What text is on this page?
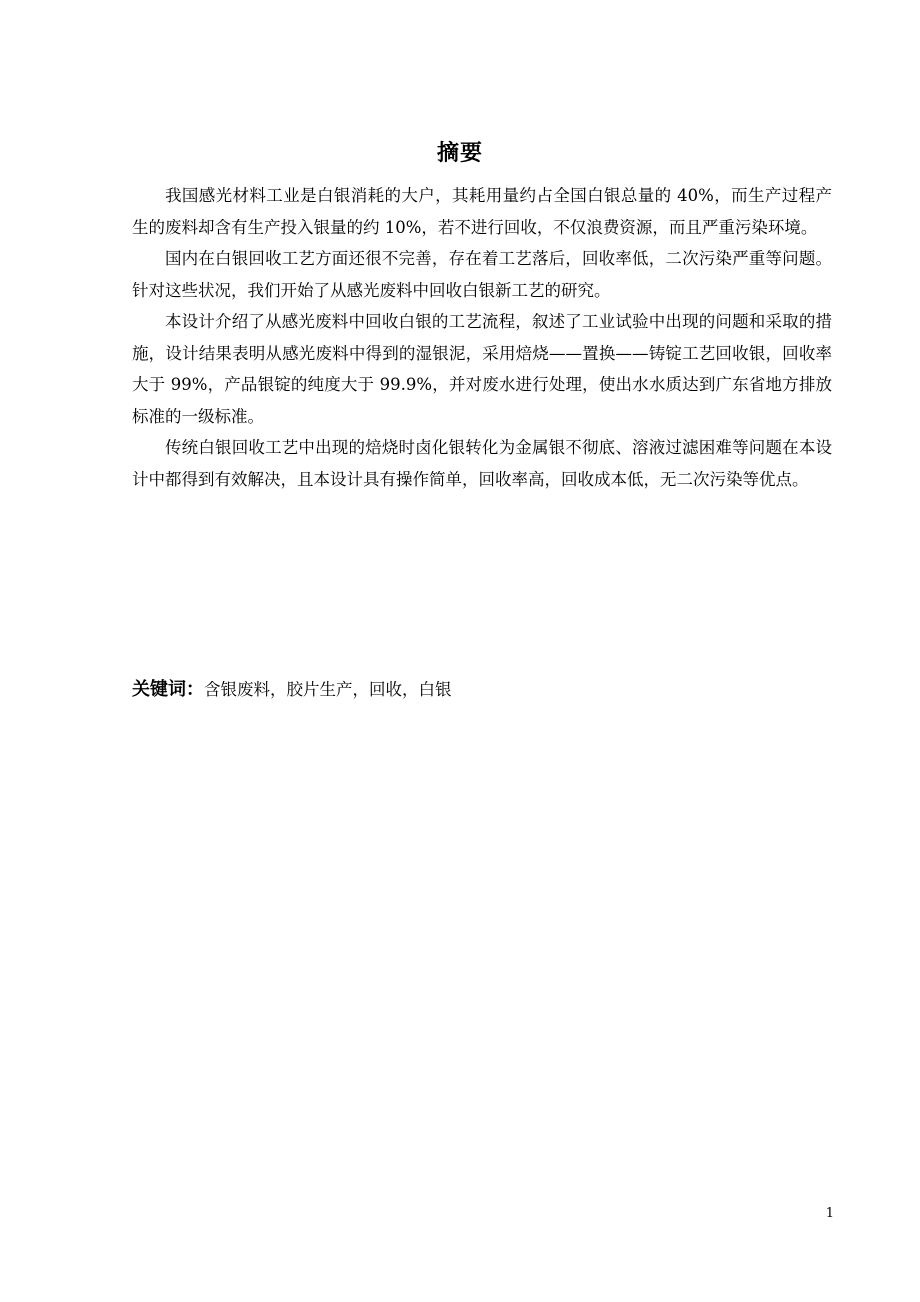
摘要

我国感光材料工业是白银消耗的大户，其耗用量约占全国白银总量的 40%，而生产过程产生的废料却含有生产投入银量的约 10%，若不进行回收，不仅浪费资源，而且严重污染环境。

国内在白银回收工艺方面还很不完善，存在着工艺落后，回收率低，二次污染严重等问题。针对这些状况，我们开始了从感光废料中回收白银新工艺的研究。

本设计介绍了从感光废料中回收白银的工艺流程，叙述了工业试验中出现的问题和采取的措施，设计结果表明从感光废料中得到的湿银泥，采用焙烧——置换——铸锭工艺回收银，回收率大于 99%，产品银锭的纯度大于 99.9%，并对废水进行处理，使出水水质达到广东省地方排放标准的一级标准。

传统白银回收工艺中出现的焙烧时卤化银转化为金属银不彻底、溶液过滤困难等问题在本设计中都得到有效解决，且本设计具有操作简单，回收率高，回收成本低，无二次污染等优点。

关键词：含银废料，胶片生产，回收，白银
1
